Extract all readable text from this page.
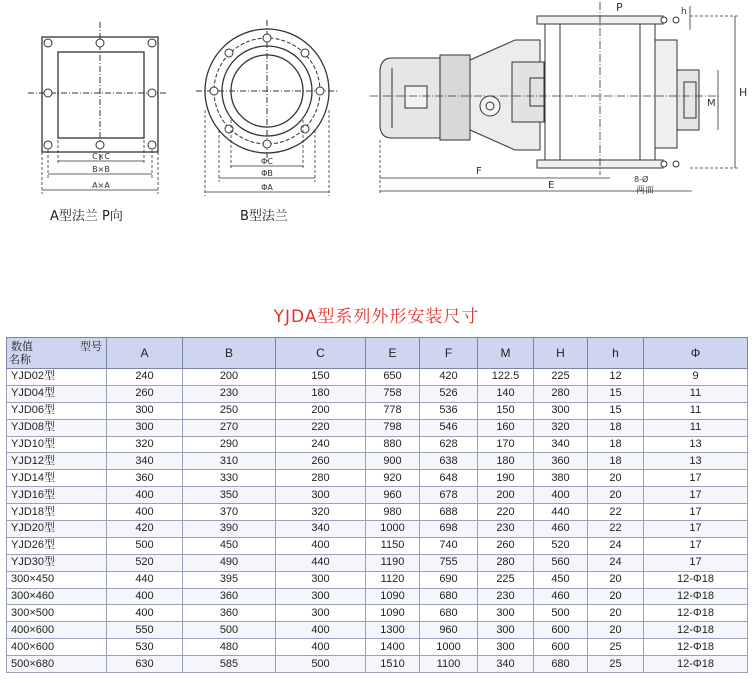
C×C
B×B
A×A
ΦC
ΦB
ΦA
P	h
H
M
F
E
8-Ø
两面
A型法兰 P向	B型法兰
YJDA型系列外形安装尺寸
数值 型号
名称	A	B	C	E	F	M	H	h	Φ
YJD02型	240	200	150	650	420	122.5	225	12	9
YJD04型	260	230	180	758	526	140	280	15	11
YJD06型	300	250	200	778	536	150	300	15	11
YJD08型	300	270	220	798	546	160	320	18	11
YJD10型	320	290	240	880	628	170	340	18	13
YJD12型	340	310	260	900	638	180	360	18	13
YJD14型	360	330	280	920	648	190	380	20	17
YJD16型	400	350	300	960	678	200	400	20	17
YJD18型	400	370	320	980	688	220	440	22	17
YJD20型	420	390	340	1000	698	230	460	22	17
YJD26型	500	450	400	1150	740	260	520	24	17
YJD30型	520	490	440	1190	755	280	560	24	17
300×450	440	395	300	1120	690	225	450	20	12-Φ18
300×460	400	360	300	1090	680	230	460	20	12-Φ18
300×500	400	360	300	1090	680	300	500	20	12-Φ18
400×600	550	500	400	1300	960	300	600	20	12-Φ18
400×600	530	480	400	1400	1000	300	600	25	12-Φ18
500×680	630	585	500	1510	1100	340	680	25	12-Φ18
